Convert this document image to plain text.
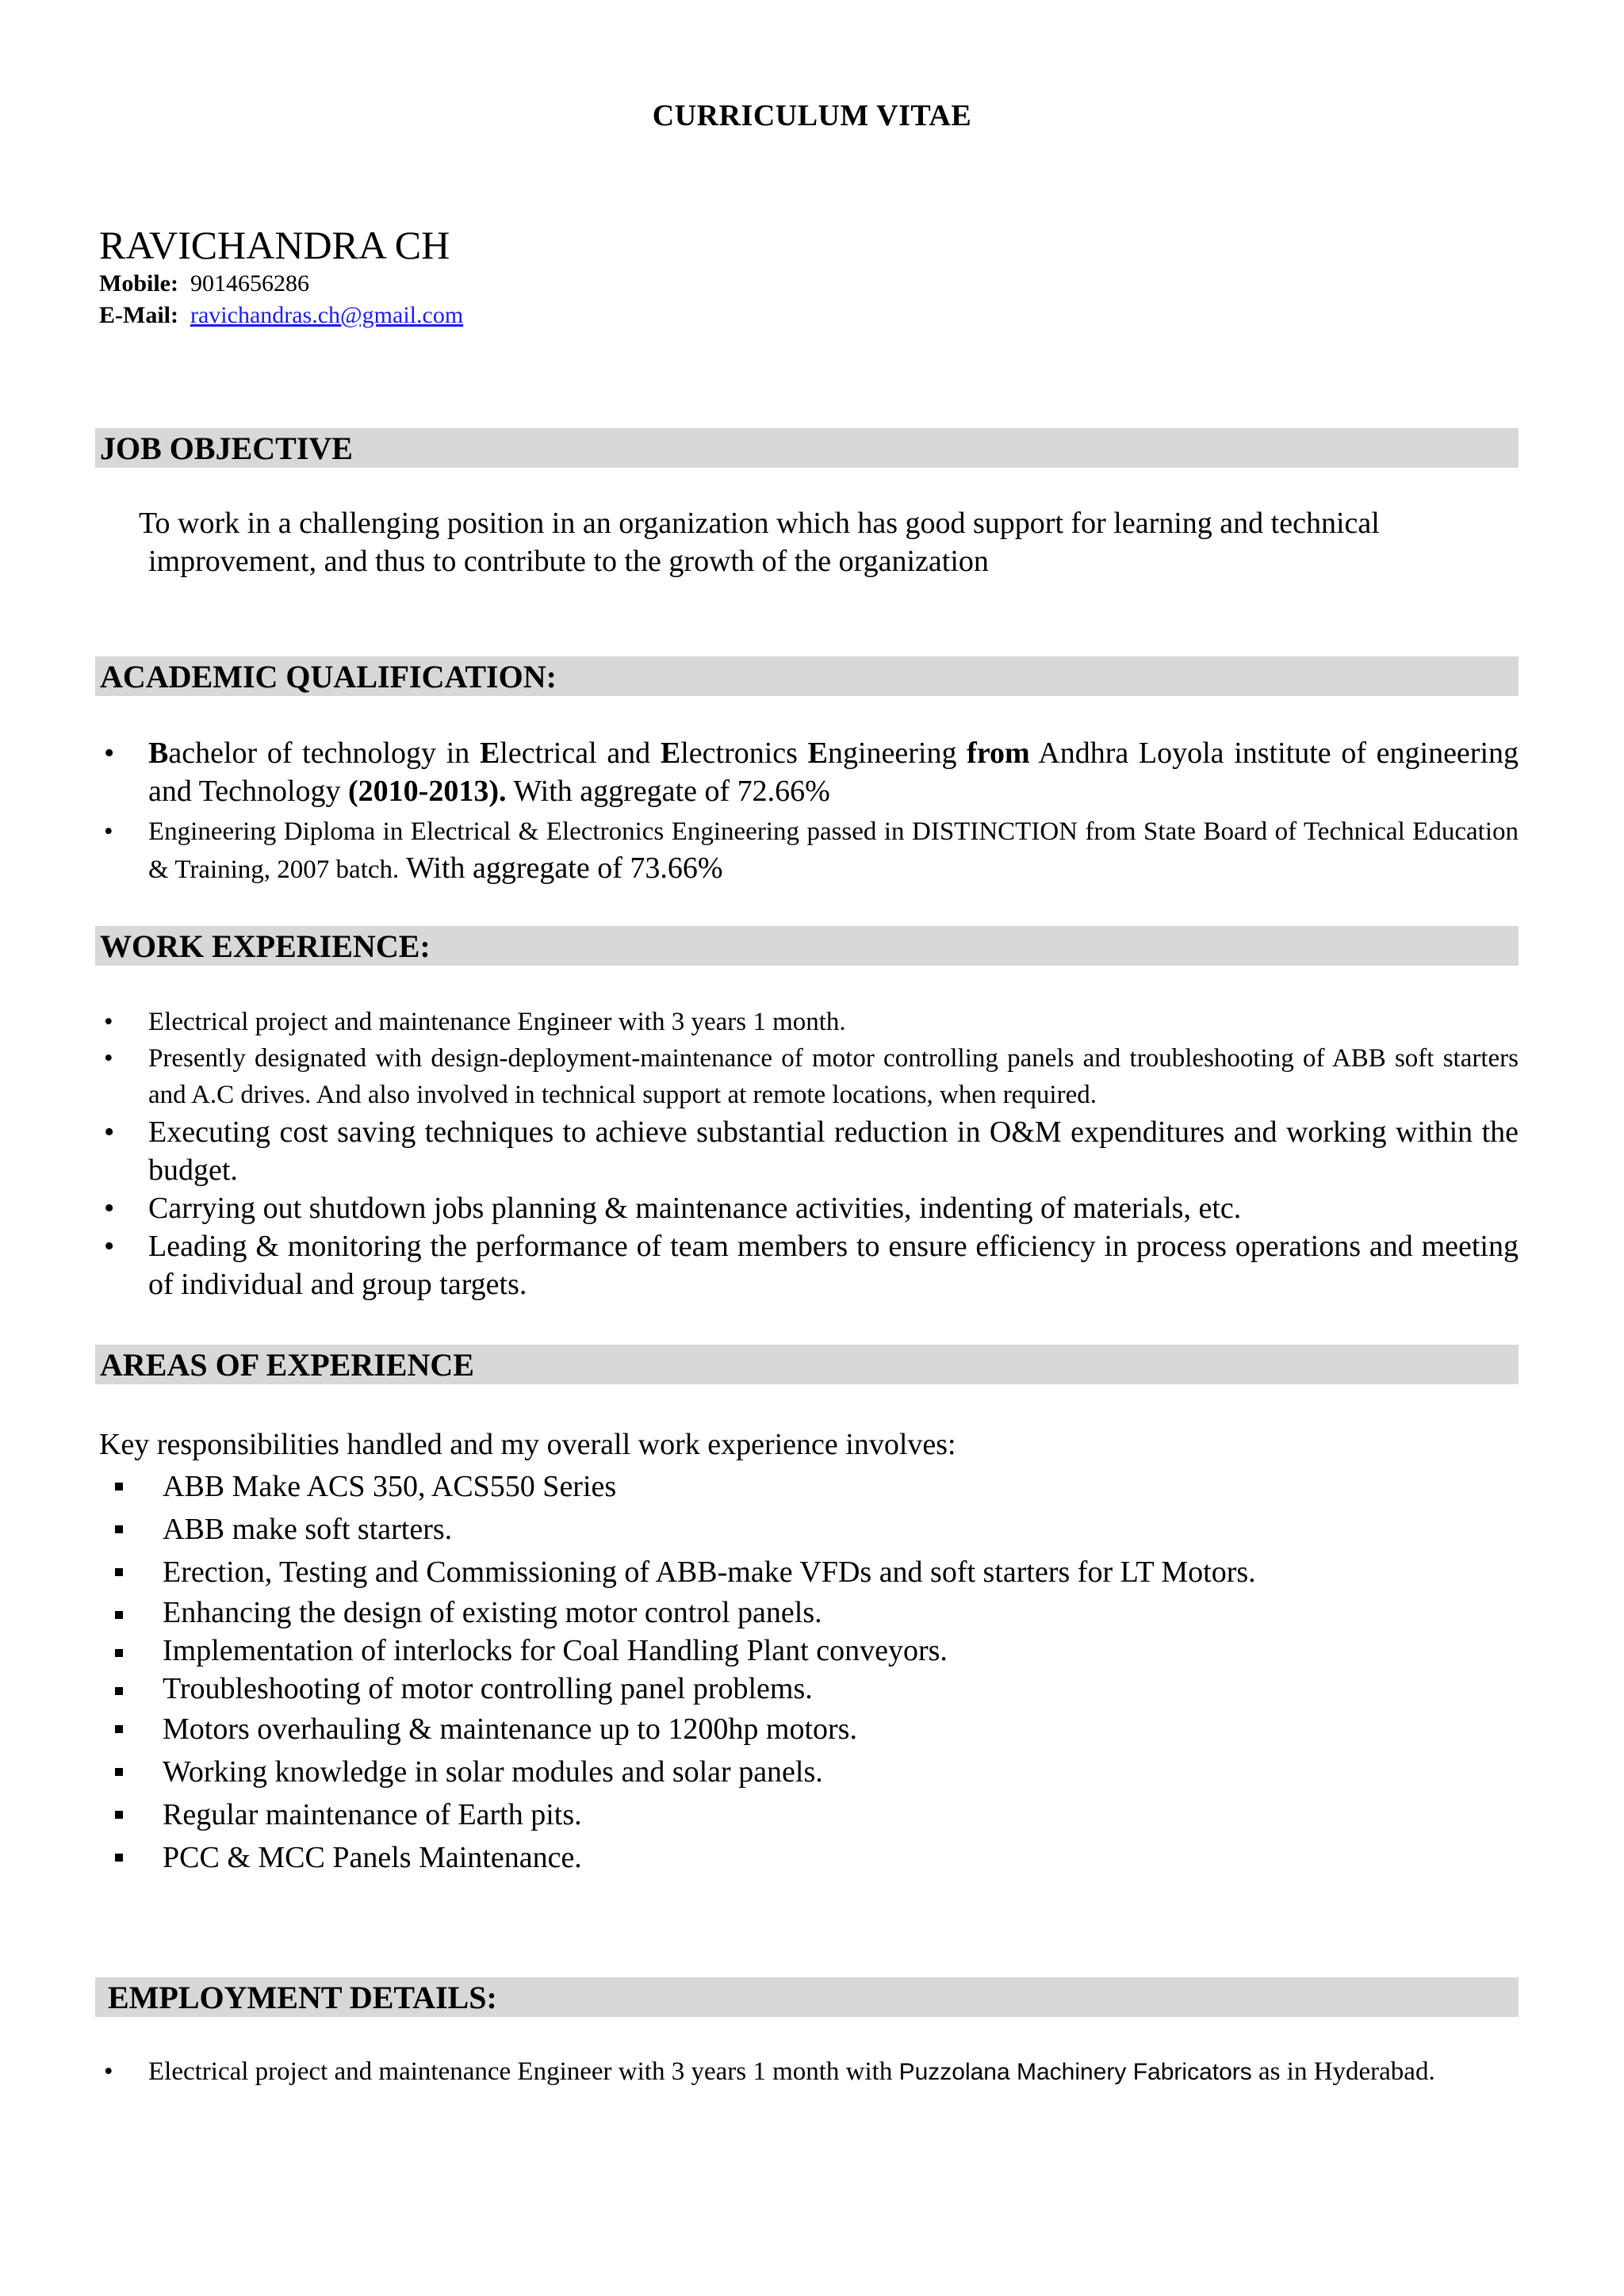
CURRICULUM VITAE
RAVICHANDRA CH
Mobile: 9014656286
E-Mail: ravichandras.ch@gmail.com
JOB OBJECTIVE
To work in a challenging position in an organization which has good support for learning and technical
improvement, and thus to contribute to the growth of the organization
ACADEMIC QUALIFICATION:
• Bachelor of technology in Electrical and Electronics Engineering from Andhra Loyola institute of engineering and Technology (2010-2013). With aggregate of 72.66%
• Engineering Diploma in Electrical & Electronics Engineering passed in DISTINCTION from State Board of Technical Education & Training, 2007 batch. With aggregate of 73.66%
WORK EXPERIENCE:
• Electrical project and maintenance Engineer with 3 years 1 month.
• Presently designated with design-deployment-maintenance of motor controlling panels and troubleshooting of ABB soft starters and A.C drives. And also involved in technical support at remote locations, when required.
• Executing cost saving techniques to achieve substantial reduction in O&M expenditures and working within the budget.
• Carrying out shutdown jobs planning & maintenance activities, indenting of materials, etc.
• Leading & monitoring the performance of team members to ensure efficiency in process operations and meeting of individual and group targets.
AREAS OF EXPERIENCE
Key responsibilities handled and my overall work experience involves:
ABB Make ACS 350, ACS550 Series
ABB make soft starters.
Erection, Testing and Commissioning of ABB-make VFDs and soft starters for LT Motors.
Enhancing the design of existing motor control panels.
Implementation of interlocks for Coal Handling Plant conveyors.
Troubleshooting of motor controlling panel problems.
Motors overhauling & maintenance up to 1200hp motors.
Working knowledge in solar modules and solar panels.
Regular maintenance of Earth pits.
PCC & MCC Panels Maintenance.
EMPLOYMENT DETAILS:
• Electrical project and maintenance Engineer with 3 years 1 month with Puzzolana Machinery Fabricators as in Hyderabad.
